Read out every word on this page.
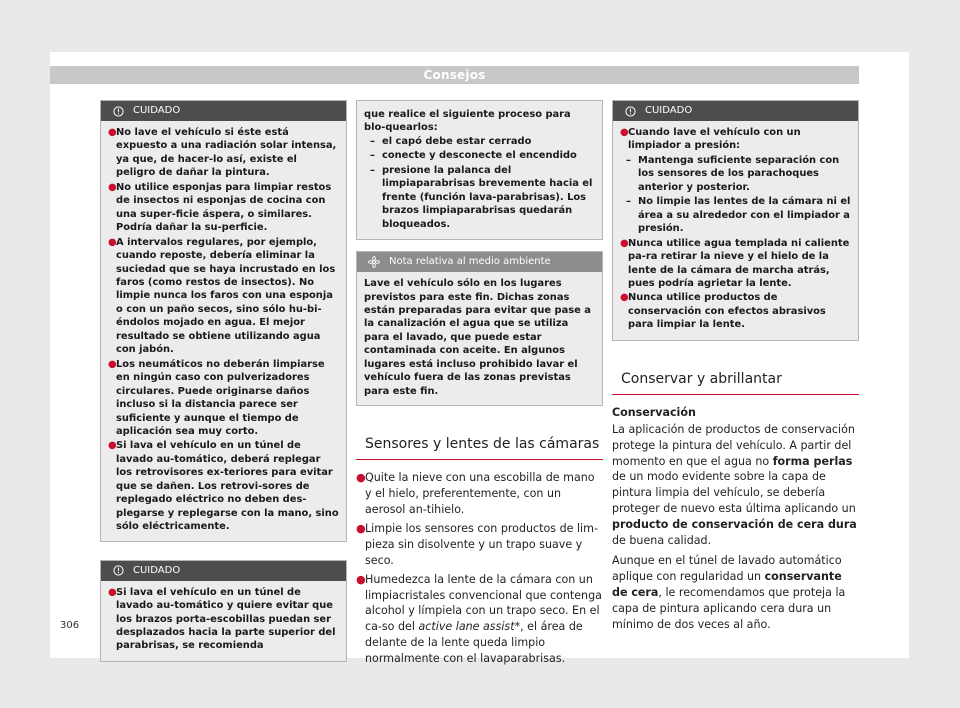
Consejos
CUIDADO

●No lave el vehículo si éste está expuesto a una radiación solar intensa, ya que, de hacer-lo así, existe el peligro de dañar la pintura.

●No utilice esponjas para limpiar restos de insectos ni esponjas de cocina con una super-ficie áspera, o similares. Podría dañar la su-perficie.

●A intervalos regulares, por ejemplo, cuando reposte, debería eliminar la suciedad que se haya incrustado en los faros (como restos de insectos). No limpie nunca los faros con una esponja o con un paño secos, sino sólo hu-biéndolos mojado en agua. El mejor resultado se obtiene utilizando agua con jabón.

●Los neumáticos no deberán limpiarse en ningún caso con pulverizadores circulares. Puede originarse daños incluso si la distancia parece ser suficiente y aunque el tiempo de aplicación sea muy corto.

●Si lava el vehículo en un túnel de lavado au-tomático, deberá replegar los retrovisores ex-teriores para evitar que se dañen. Los retrovi-sores de replegado eléctrico no deben des-plegarse y replegarse con la mano, sino sólo eléctricamente.

CUIDADO

●Si lava el vehículo en un túnel de lavado au-tomático y quiere evitar que los brazos porta-escobillas puedan ser desplazados hacia la parte superior del parabrisas, se recomienda

que realice el siguiente proceso para blo-quearlos:

– el capó debe estar cerrado

– conecte y desconecte el encendido

– presione la palanca del limpiaparabrisas brevemente hacia el frente (función lava-parabrisas). Los brazos limpiaparabrisas quedarán bloqueados.

Nota relativa al medio ambiente

Lave el vehículo sólo en los lugares previstos para este fin. Dichas zonas están preparadas para evitar que pase a la canalización el agua que se utiliza para el lavado, que puede estar contaminada con aceite. En algunos lugares está incluso prohibido lavar el vehículo fuera de las zonas previstas para este fin.

Sensores y lentes de las cámaras

●Quite la nieve con una escobilla de mano y el hielo, preferentemente, con un aerosol an-tihielo.

●Limpie los sensores con productos de lim-pieza sin disolvente y un trapo suave y seco.

●Humedezca la lente de la cámara con un limpiacristales convencional que contenga alcohol y límpiela con un trapo seco. En el ca-so del active lane assist*, el área de delante de la lente queda limpio normalmente con el lavaparabrisas.

CUIDADO

●Cuando lave el vehículo con un limpiador a presión:

– Mantenga suficiente separación con los sensores de los parachoques anterior y posterior.

– No limpie las lentes de la cámara ni el área a su alrededor con el limpiador a presión.

●Nunca utilice agua templada ni caliente pa-ra retirar la nieve y el hielo de la lente de la cámara de marcha atrás, pues podría agrietar la lente.

●Nunca utilice productos de conservación con efectos abrasivos para limpiar la lente.

Conservar y abrillantar

Conservación

La aplicación de productos de conservación protege la pintura del vehículo. A partir del momento en que el agua no forma perlas de un modo evidente sobre la capa de pintura limpia del vehículo, se debería proteger de nuevo esta última aplicando un producto de conservación de cera dura de buena calidad.

Aunque en el túnel de lavado automático aplique con regularidad un conservante de cera, le recomendamos que proteja la capa de pintura aplicando cera dura un mínimo de dos veces al año.

306
